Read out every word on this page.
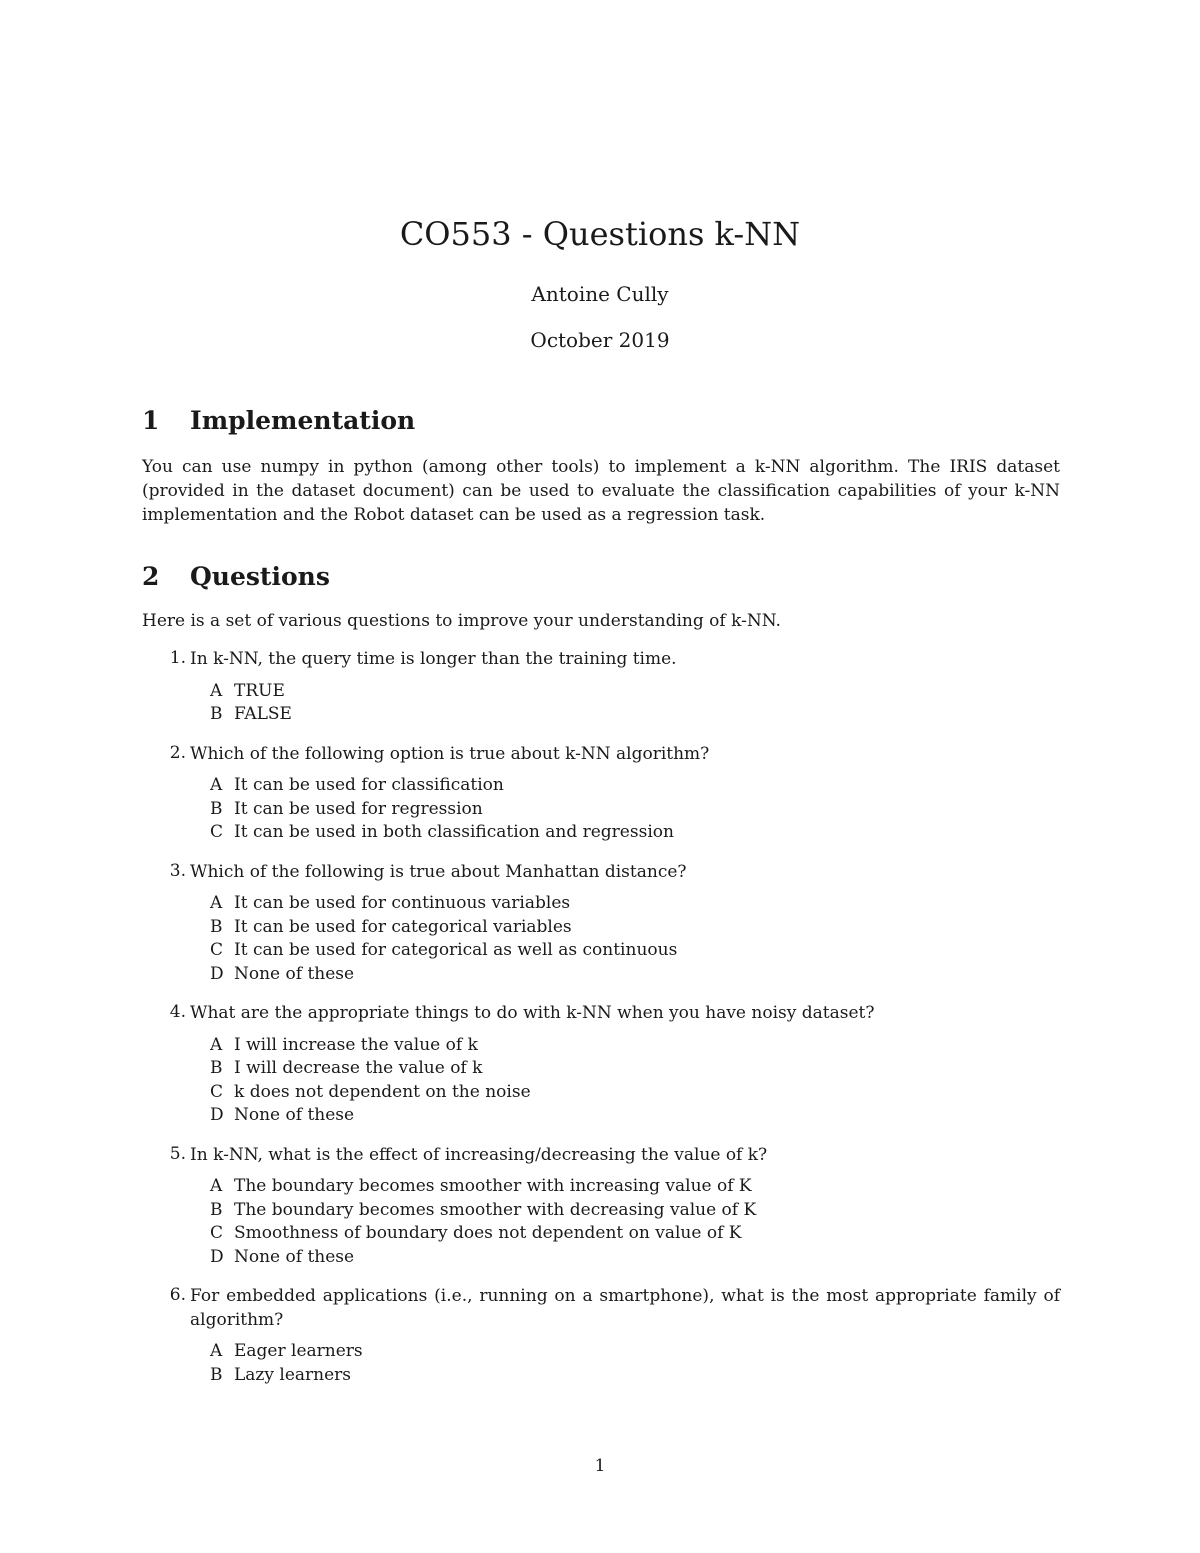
CO553 - Questions k-NN
Antoine Cully
October 2019
1 Implementation

You can use numpy in python (among other tools) to implement a k-NN algorithm. The IRIS dataset (provided in the dataset document) can be used to evaluate the classification capabilities of your k-NN implementation and the Robot dataset can be used as a regression task.

2 Questions

Here is a set of various questions to improve your understanding of k-NN.

1. In k-NN, the query time is longer than the training time.
A TRUE
B FALSE
2. Which of the following option is true about k-NN algorithm?
A It can be used for classification
B It can be used for regression
C It can be used in both classification and regression
3. Which of the following is true about Manhattan distance?
A It can be used for continuous variables
B It can be used for categorical variables
C It can be used for categorical as well as continuous
D None of these
4. What are the appropriate things to do with k-NN when you have noisy dataset?
A I will increase the value of k
B I will decrease the value of k
C k does not dependent on the noise
D None of these
5. In k-NN, what is the effect of increasing/decreasing the value of k?
A The boundary becomes smoother with increasing value of K
B The boundary becomes smoother with decreasing value of K
C Smoothness of boundary does not dependent on value of K
D None of these
6. For embedded applications (i.e., running on a smartphone), what is the most appropriate family of algorithm?
A Eager learners
B Lazy learners
1
